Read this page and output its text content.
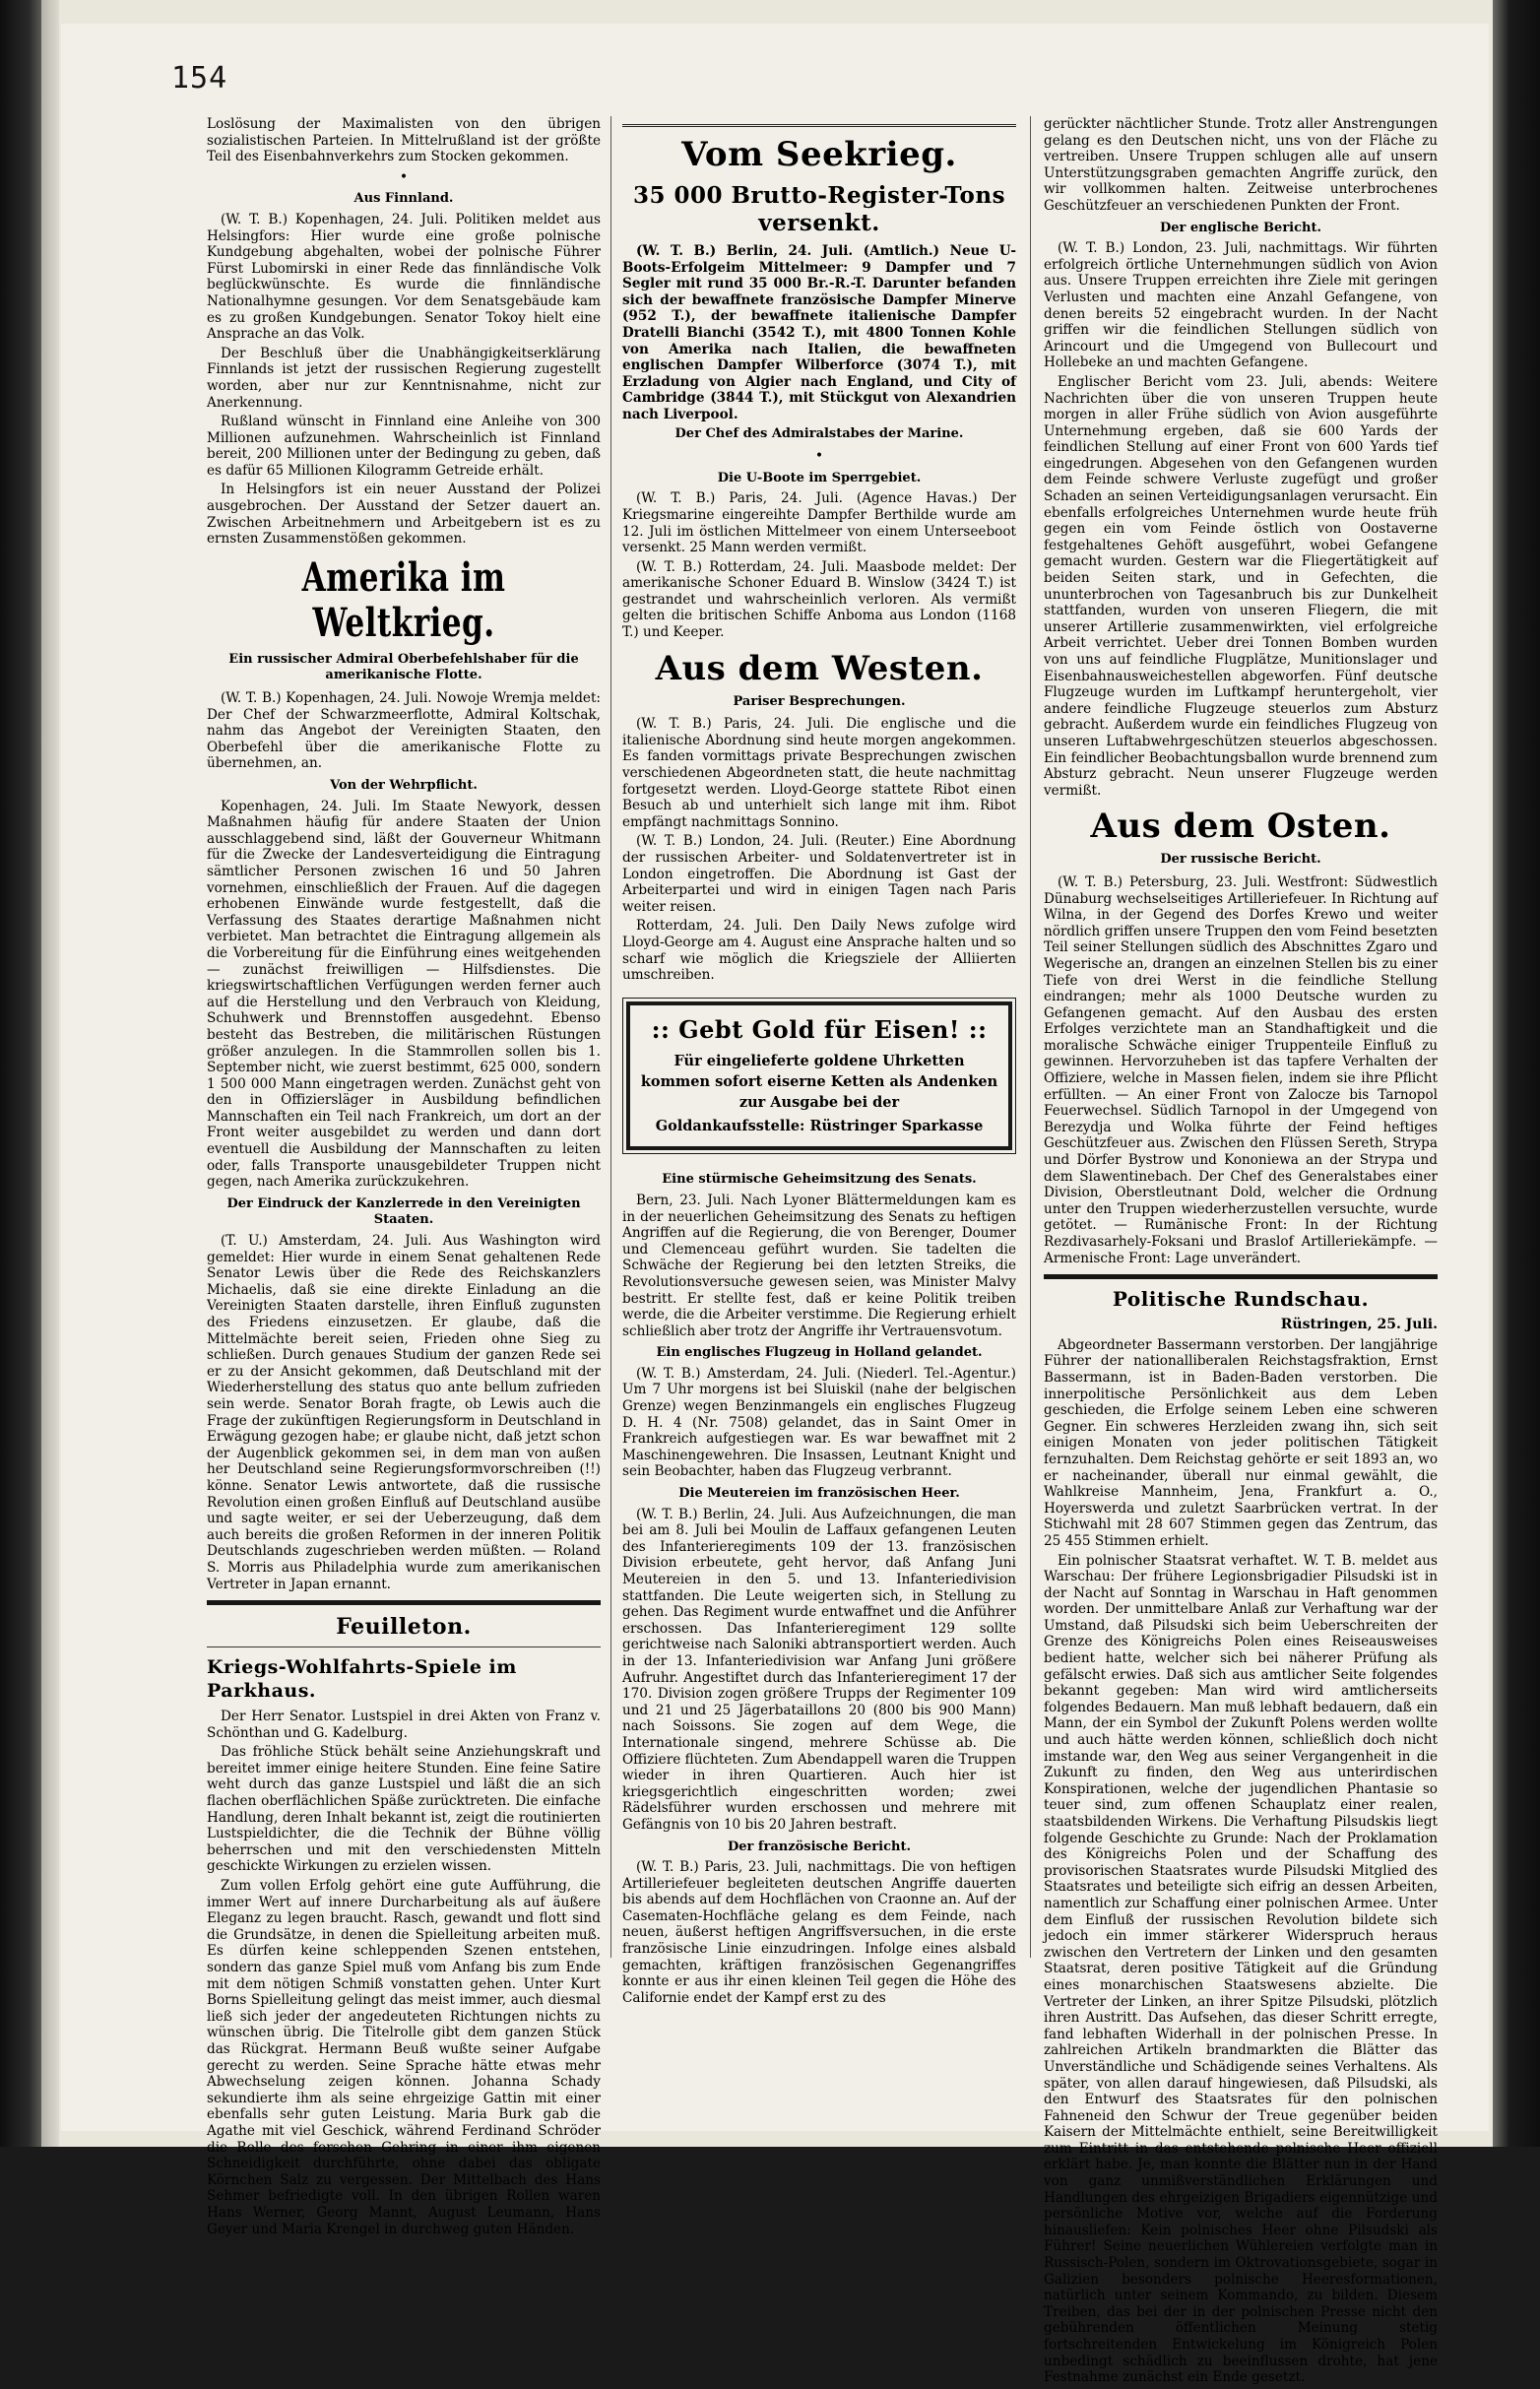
154

Loslösung der Maximalisten von den übrigen sozialistischen Parteien. In Mittelrußland ist der größte Teil des Eisenbahnverkehrs zum Stocken gekommen.

•
Aus Finnland.

(W. T. B.) Kopenhagen, 24. Juli. Politiken meldet aus Helsingfors: Hier wurde eine große polnische Kundgebung abgehalten, wobei der polnische Führer Fürst Lubomirski in einer Rede das finnländische Volk beglückwünschte. Es wurde die finnländische Nationalhymne gesungen. Vor dem Senatsgebäude kam es zu großen Kundgebungen. Senator Tokoy hielt eine Ansprache an das Volk.

Der Beschluß über die Unabhängigkeitserklärung Finnlands ist jetzt der russischen Regierung zugestellt worden, aber nur zur Kenntnisnahme, nicht zur Anerkennung.

Rußland wünscht in Finnland eine Anleihe von 300 Millionen aufzunehmen. Wahrscheinlich ist Finnland bereit, 200 Millionen unter der Bedingung zu geben, daß es dafür 65 Millionen Kilogramm Getreide erhält.

In Helsingfors ist ein neuer Ausstand der Polizei ausgebrochen. Der Ausstand der Setzer dauert an. Zwischen Arbeitnehmern und Arbeitgebern ist es zu ernsten Zusammenstößen gekommen.

Amerika im Weltkrieg.
Ein russischer Admiral Oberbefehlshaber für die amerikanische Flotte.

(W. T. B.) Kopenhagen, 24. Juli. Nowoje Wremja meldet: Der Chef der Schwarzmeerflotte, Admiral Koltschak, nahm das Angebot der Vereinigten Staaten, den Oberbefehl über die amerikanische Flotte zu übernehmen, an.

Von der Wehrpflicht.

Kopenhagen, 24. Juli. Im Staate Newyork, dessen Maßnahmen häufig für andere Staaten der Union ausschlaggebend sind, läßt der Gouverneur Whitmann für die Zwecke der Landesverteidigung die Eintragung sämtlicher Personen zwischen 16 und 50 Jahren vornehmen, einschließlich der Frauen. Auf die dagegen erhobenen Einwände wurde festgestellt, daß die Verfassung des Staates derartige Maßnahmen nicht verbietet. Man betrachtet die Eintragung allgemein als die Vorbereitung für die Einführung eines weitgehenden — zunächst freiwilligen — Hilfsdienstes. Die kriegswirtschaftlichen Verfügungen werden ferner auch auf die Herstellung und den Verbrauch von Kleidung, Schuhwerk und Brennstoffen ausgedehnt. Ebenso besteht das Bestreben, die militärischen Rüstungen größer anzulegen. In die Stammrollen sollen bis 1. September nicht, wie zuerst bestimmt, 625 000, sondern 1 500 000 Mann eingetragen werden. Zunächst geht von den in Offiziersläger in Ausbildung befindlichen Mannschaften ein Teil nach Frankreich, um dort an der Front weiter ausgebildet zu werden und dann dort eventuell die Ausbildung der Mannschaften zu leiten oder, falls Transporte unausgebildeter Truppen nicht gegen, nach Amerika zurückzukehren.

Der Eindruck der Kanzlerrede in den Vereinigten Staaten.

(T. U.) Amsterdam, 24. Juli. Aus Washington wird gemeldet: Hier wurde in einem Senat gehaltenen Rede Senator Lewis über die Rede des Reichskanzlers Michaelis, daß sie eine direkte Einladung an die Vereinigten Staaten darstelle, ihren Einfluß zugunsten des Friedens einzusetzen. Er glaube, daß die Mittelmächte bereit seien, Frieden ohne Sieg zu schließen. Durch genaues Studium der ganzen Rede sei er zu der Ansicht gekommen, daß Deutschland mit der Wiederherstellung des status quo ante bellum zufrieden sein werde. Senator Borah fragte, ob Lewis auch die Frage der zukünftigen Regierungsform in Deutschland in Erwägung gezogen habe; er glaube nicht, daß jetzt schon der Augenblick gekommen sei, in dem man von außen her Deutschland seine Regierungsformvorschreiben (!!) könne. Senator Lewis antwortete, daß die russische Revolution einen großen Einfluß auf Deutschland ausübe und sagte weiter, er sei der Ueberzeugung, daß dem auch bereits die großen Reformen in der inneren Politik Deutschlands zugeschrieben werden müßten. — Roland S. Morris aus Philadelphia wurde zum amerikanischen Vertreter in Japan ernannt.

Feuilleton.
Kriegs-Wohlfahrts-Spiele im Parkhaus.

Der Herr Senator. Lustspiel in drei Akten von Franz v. Schönthan und G. Kadelburg.

Das fröhliche Stück behält seine Anziehungskraft und bereitet immer einige heitere Stunden. Eine feine Satire weht durch das ganze Lustspiel und läßt die an sich flachen oberflächlichen Späße zurücktreten. Die einfache Handlung, deren Inhalt bekannt ist, zeigt die routinierten Lustspieldichter, die die Technik der Bühne völlig beherrschen und mit den verschiedensten Mitteln geschickte Wirkungen zu erzielen wissen.

Zum vollen Erfolg gehört eine gute Aufführung, die immer Wert auf innere Durcharbeitung als auf äußere Eleganz zu legen braucht. Rasch, gewandt und flott sind die Grundsätze, in denen die Spielleitung arbeiten muß. Es dürfen keine schleppenden Szenen entstehen, sondern das ganze Spiel muß vom Anfang bis zum Ende mit dem nötigen Schmiß vonstatten gehen. Unter Kurt Borns Spielleitung gelingt das meist immer, auch diesmal ließ sich jeder der angedeuteten Richtungen nichts zu wünschen übrig. Die Titelrolle gibt dem ganzen Stück das Rückgrat. Hermann Beuß wußte seiner Aufgabe gerecht zu werden. Seine Sprache hätte etwas mehr Abwechselung zeigen können. Johanna Schady sekundierte ihm als seine ehrgeizige Gattin mit einer ebenfalls sehr guten Leistung. Maria Burk gab die Agathe mit viel Geschick, während Ferdinand Schröder die Rolle des forschen Gehring in einer ihm eigenen Schneidigkeit durchführte, ohne dabei das obligate Körnchen Salz zu vergessen. Der Mittelbach des Hans Sehmer befriedigte voll. In den übrigen Rollen waren Hans Werner, Georg Mannt, August Leumann, Hans Geyer und Maria Krengel in durchweg guten Händen.

Vom Seekrieg.
35 000 Brutto-Register-Tons versenkt.

(W. T. B.) Berlin, 24. Juli. (Amtlich.) Neue U-Boots-Erfolgeim Mittelmeer: 9 Dampfer und 7 Segler mit rund 35 000 Br.-R.-T. Darunter befanden sich der bewaffnete französische Dampfer Minerve (952 T.), der bewaffnete italienische Dampfer Dratelli Bianchi (3542 T.), mit 4800 Tonnen Kohle von Amerika nach Italien, die bewaffneten englischen Dampfer Wilberforce (3074 T.), mit Erzladung von Algier nach England, und City of Cambridge (3844 T.), mit Stückgut von Alexandrien nach Liverpool.

Der Chef des Admiralstabes der Marine.
•
Die U-Boote im Sperrgebiet.

(W. T. B.) Paris, 24. Juli. (Agence Havas.) Der Kriegsmarine eingereihte Dampfer Berthilde wurde am 12. Juli im östlichen Mittelmeer von einem Unterseeboot versenkt. 25 Mann werden vermißt.

(W. T. B.) Rotterdam, 24. Juli. Maasbode meldet: Der amerikanische Schoner Eduard B. Winslow (3424 T.) ist gestrandet und wahrscheinlich verloren. Als vermißt gelten die britischen Schiffe Anboma aus London (1168 T.) und Keeper.

Aus dem Westen.
Pariser Besprechungen.

(W. T. B.) Paris, 24. Juli. Die englische und die italienische Abordnung sind heute morgen angekommen. Es fanden vormittags private Besprechungen zwischen verschiedenen Abgeordneten statt, die heute nachmittag fortgesetzt werden. Lloyd-George stattete Ribot einen Besuch ab und unterhielt sich lange mit ihm. Ribot empfängt nachmittags Sonnino.

(W. T. B.) London, 24. Juli. (Reuter.) Eine Abordnung der russischen Arbeiter- und Soldatenvertreter ist in London eingetroffen. Die Abordnung ist Gast der Arbeiterpartei und wird in einigen Tagen nach Paris weiter reisen.

Rotterdam, 24. Juli. Den Daily News zufolge wird Lloyd-George am 4. August eine Ansprache halten und so scharf wie möglich die Kriegsziele der Alliierten umschreiben.

:: Gebt Gold für Eisen! ::
Für eingelieferte goldene Uhrketten kommen sofort eiserne Ketten als Andenken zur Ausgabe bei der
Goldankaufsstelle: Rüstringer Sparkasse
Eine stürmische Geheimsitzung des Senats.

Bern, 23. Juli. Nach Lyoner Blättermeldungen kam es in der neuerlichen Geheimsitzung des Senats zu heftigen Angriffen auf die Regierung, die von Berenger, Doumer und Clemenceau geführt wurden. Sie tadelten die Schwäche der Regierung bei den letzten Streiks, die Revolutionsversuche gewesen seien, was Minister Malvy bestritt. Er stellte fest, daß er keine Politik treiben werde, die die Arbeiter verstimme. Die Regierung erhielt schließlich aber trotz der Angriffe ihr Vertrauensvotum.

Ein englisches Flugzeug in Holland gelandet.

(W. T. B.) Amsterdam, 24. Juli. (Niederl. Tel.-Agentur.) Um 7 Uhr morgens ist bei Sluiskil (nahe der belgischen Grenze) wegen Benzinmangels ein englisches Flugzeug D. H. 4 (Nr. 7508) gelandet, das in Saint Omer in Frankreich aufgestiegen war. Es war bewaffnet mit 2 Maschinengewehren. Die Insassen, Leutnant Knight und sein Beobachter, haben das Flugzeug verbrannt.

Die Meutereien im französischen Heer.

(W. T. B.) Berlin, 24. Juli. Aus Aufzeichnungen, die man bei am 8. Juli bei Moulin de Laffaux gefangenen Leuten des Infanterieregiments 109 der 13. französischen Division erbeutete, geht hervor, daß Anfang Juni Meutereien in den 5. und 13. Infanteriedivision stattfanden. Die Leute weigerten sich, in Stellung zu gehen. Das Regiment wurde entwaffnet und die Anführer erschossen. Das Infanterieregiment 129 sollte gerichtweise nach Saloniki abtransportiert werden. Auch in der 13. Infanteriedivision war Anfang Juni größere Aufruhr. Angestiftet durch das Infanterieregiment 17 der 170. Division zogen größere Trupps der Regimenter 109 und 21 und 25 Jägerbataillons 20 (800 bis 900 Mann) nach Soissons. Sie zogen auf dem Wege, die Internationale singend, mehrere Schüsse ab. Die Offiziere flüchteten. Zum Abendappell waren die Truppen wieder in ihren Quartieren. Auch hier ist kriegsgerichtlich eingeschritten worden; zwei Rädelsführer wurden erschossen und mehrere mit Gefängnis von 10 bis 20 Jahren bestraft.

Der französische Bericht.

(W. T. B.) Paris, 23. Juli, nachmittags. Die von heftigen Artilleriefeuer begleiteten deutschen Angriffe dauerten bis abends auf dem Hochflächen von Craonne an. Auf der Casematen-Hochfläche gelang es dem Feinde, nach neuen, äußerst heftigen Angriffsversuchen, in die erste französische Linie einzudringen. Infolge eines alsbald gemachten, kräftigen französischen Gegenangriffes konnte er aus ihr einen kleinen Teil gegen die Höhe des Californie endet der Kampf erst zu des

gerückter nächtlicher Stunde. Trotz aller Anstrengungen gelang es den Deutschen nicht, uns von der Fläche zu vertreiben. Unsere Truppen schlugen alle auf unsern Unterstützungsgraben gemachten Angriffe zurück, den wir vollkommen halten. Zeitweise unterbrochenes Geschützfeuer an verschiedenen Punkten der Front.

Der englische Bericht.

(W. T. B.) London, 23. Juli, nachmittags. Wir führten erfolgreich örtliche Unternehmungen südlich von Avion aus. Unsere Truppen erreichten ihre Ziele mit geringen Verlusten und machten eine Anzahl Gefangene, von denen bereits 52 eingebracht wurden. In der Nacht griffen wir die feindlichen Stellungen südlich von Arincourt und die Umgegend von Bullecourt und Hollebeke an und machten Gefangene.

Englischer Bericht vom 23. Juli, abends: Weitere Nachrichten über die von unseren Truppen heute morgen in aller Frühe südlich von Avion ausgeführte Unternehmung ergeben, daß sie 600 Yards der feindlichen Stellung auf einer Front von 600 Yards tief eingedrungen. Abgesehen von den Gefangenen wurden dem Feinde schwere Verluste zugefügt und großer Schaden an seinen Verteidigungsanlagen verursacht. Ein ebenfalls erfolgreiches Unternehmen wurde heute früh gegen ein vom Feinde östlich von Oostaverne festgehaltenes Gehöft ausgeführt, wobei Gefangene gemacht wurden. Gestern war die Fliegertätigkeit auf beiden Seiten stark, und in Gefechten, die ununterbrochen von Tagesanbruch bis zur Dunkelheit stattfanden, wurden von unseren Fliegern, die mit unserer Artillerie zusammenwirkten, viel erfolgreiche Arbeit verrichtet. Ueber drei Tonnen Bomben wurden von uns auf feindliche Flugplätze, Munitionslager und Eisenbahnausweichestellen abgeworfen. Fünf deutsche Flugzeuge wurden im Luftkampf heruntergeholt, vier andere feindliche Flugzeuge steuerlos zum Absturz gebracht. Außerdem wurde ein feindliches Flugzeug von unseren Luftabwehrgeschützen steuerlos abgeschossen. Ein feindlicher Beobachtungsballon wurde brennend zum Absturz gebracht. Neun unserer Flugzeuge werden vermißt.

Aus dem Osten.
Der russische Bericht.

(W. T. B.) Petersburg, 23. Juli. Westfront: Südwestlich Dünaburg wechselseitiges Artilleriefeuer. In Richtung auf Wilna, in der Gegend des Dorfes Krewo und weiter nördlich griffen unsere Truppen den vom Feind besetzten Teil seiner Stellungen südlich des Abschnittes Zgaro und Wegerische an, drangen an einzelnen Stellen bis zu einer Tiefe von drei Werst in die feindliche Stellung eindrangen; mehr als 1000 Deutsche wurden zu Gefangenen gemacht. Auf den Ausbau des ersten Erfolges verzichtete man an Standhaftigkeit und die moralische Schwäche einiger Truppenteile Einfluß zu gewinnen. Hervorzuheben ist das tapfere Verhalten der Offiziere, welche in Massen fielen, indem sie ihre Pflicht erfüllten. — An einer Front von Zalocze bis Tarnopol Feuerwechsel. Südlich Tarnopol in der Umgegend von Berezydja und Wolka führte der Feind heftiges Geschützfeuer aus. Zwischen den Flüssen Sereth, Strypa und Dörfer Bystrow und Kononiewa an der Strypa und dem Slawentinebach. Der Chef des Generalstabes einer Division, Oberstleutnant Dold, welcher die Ordnung unter den Truppen wiederherzustellen versuchte, wurde getötet. — Rumänische Front: In der Richtung Rezdivasarhely-Foksani und Braslof Artilleriekämpfe. — Armenische Front: Lage unverändert.

Politische Rundschau.
Rüstringen, 25. Juli.

Abgeordneter Bassermann verstorben. Der langjährige Führer der nationalliberalen Reichstagsfraktion, Ernst Bassermann, ist in Baden-Baden verstorben. Die innerpolitische Persönlichkeit aus dem Leben geschieden, die Erfolge seinem Leben eine schweren Gegner. Ein schweres Herzleiden zwang ihn, sich seit einigen Monaten von jeder politischen Tätigkeit fernzuhalten. Dem Reichstag gehörte er seit 1893 an, wo er nacheinander, überall nur einmal gewählt, die Wahlkreise Mannheim, Jena, Frankfurt a. O., Hoyerswerda und zuletzt Saarbrücken vertrat. In der Stichwahl mit 28 607 Stimmen gegen das Zentrum, das 25 455 Stimmen erhielt.

Ein polnischer Staatsrat verhaftet. W. T. B. meldet aus Warschau: Der frühere Legionsbrigadier Pilsudski ist in der Nacht auf Sonntag in Warschau in Haft genommen worden. Der unmittelbare Anlaß zur Verhaftung war der Umstand, daß Pilsudski sich beim Ueberschreiten der Grenze des Königreichs Polen eines Reiseausweises bedient hatte, welcher sich bei näherer Prüfung als gefälscht erwies. Daß sich aus amtlicher Seite folgendes bekannt gegeben: Man wird wird amtlicherseits folgendes Bedauern. Man muß lebhaft bedauern, daß ein Mann, der ein Symbol der Zukunft Polens werden wollte und auch hätte werden können, schließlich doch nicht imstande war, den Weg aus seiner Vergangenheit in die Zukunft zu finden, den Weg aus unterirdischen Konspirationen, welche der jugendlichen Phantasie so teuer sind, zum offenen Schauplatz einer realen, staatsbildenden Wirkens. Die Verhaftung Pilsudskis liegt folgende Geschichte zu Grunde: Nach der Proklamation des Königreichs Polen und der Schaffung des provisorischen Staatsrates wurde Pilsudski Mitglied des Staatsrates und beteiligte sich eifrig an dessen Arbeiten, namentlich zur Schaffung einer polnischen Armee. Unter dem Einfluß der russischen Revolution bildete sich jedoch ein immer stärkerer Widerspruch heraus zwischen den Vertretern der Linken und den gesamten Staatsrat, deren positive Tätigkeit auf die Gründung eines monarchischen Staatswesens abzielte. Die Vertreter der Linken, an ihrer Spitze Pilsudski, plötzlich ihren Austritt. Das Aufsehen, das dieser Schritt erregte, fand lebhaften Widerhall in der polnischen Presse. In zahlreichen Artikeln brandmarkten die Blätter das Unverständliche und Schädigende seines Verhaltens. Als später, von allen darauf hingewiesen, daß Pilsudski, als den Entwurf des Staatsrates für den polnischen Fahneneid den Schwur der Treue gegenüber beiden Kaisern der Mittelmächte enthielt, seine Bereitwilligkeit zum Eintritt in das entstehende polnische Heer offiziell erklärt habe. Je, man konnte die Blätter nun in der Hand von ganz unmißverständlichen Erklärungen und Handlungen des ehrgeizigen Brigadiers eigennützige und persönliche Motive vor, welche auf die Forderung hinausliefen: Kein polnisches Heer ohne Pilsudski als Führer! Seine neuerlichen Wühlereien verfolgte man in Russisch-Polen, sondern im Oktrovationsgebiete, sogar in Galizien besonders polnische Heeresformationen, natürlich unter seinem Kommando, zu bilden. Diesem Treiben, das bei der in der polnischen Presse nicht den gebührenden öffentlichen Meinung stetig fortschreitenden Entwickelung im Königreich Polen unbedingt schädlich zu beeinflussen drohte, hat jene Festnahme zunächst ein Ende gesetzt.
